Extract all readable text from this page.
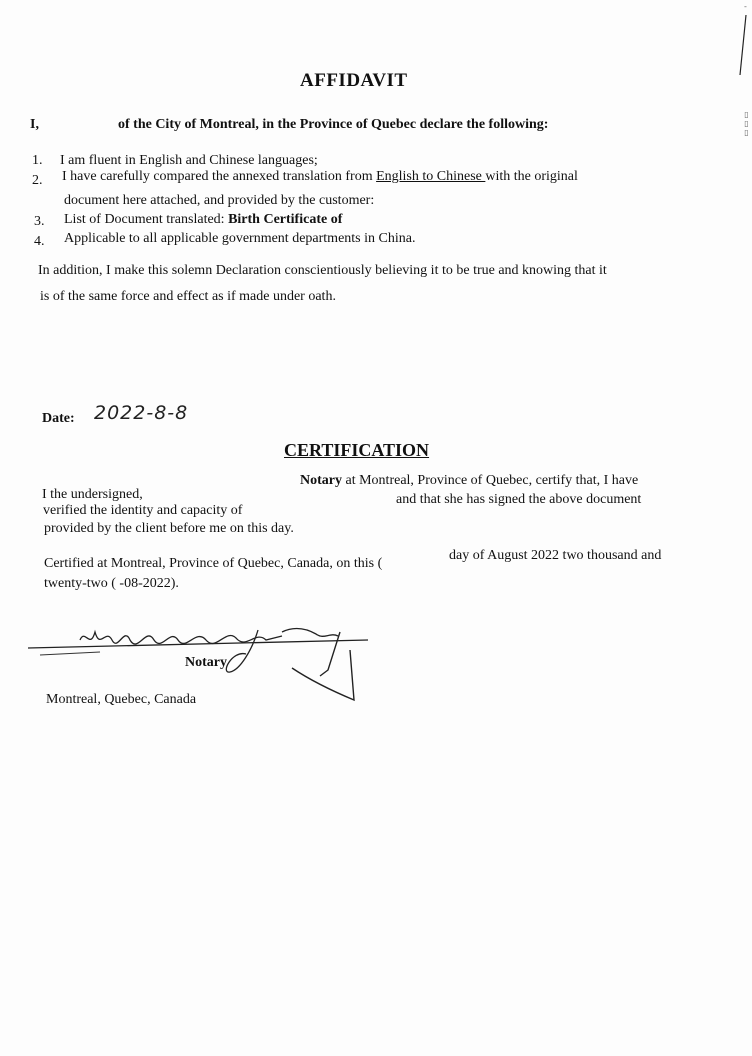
-
▯▯▯
AFFIDAVIT
I,	of the City of Montreal, in the Province of Quebec declare the following:
1. I am fluent in English and Chinese languages;
2. I have carefully compared the annexed translation from English to Chinese with the original
document here attached, and provided by the customer:
3. List of Document translated: Birth Certificate of
4. Applicable to all applicable government departments in China.
In addition, I make this solemn Declaration conscientiously believing it to be true and knowing that it
is of the same force and effect as if made under oath.
Date: 2022-8-8
CERTIFICATION
I the undersigned,
Notary at Montreal, Province of Quebec, certify that, I have
verified the identity and capacity of
and that she has signed the above document
provided by the client before me on this day.
Certified at Montreal, Province of Quebec, Canada, on this (
day of August 2022 two thousand and
twenty-two ( -08-2022).
Notary
Montreal, Quebec, Canada
